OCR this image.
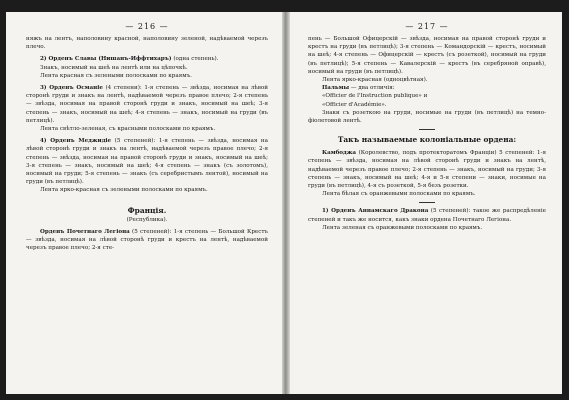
— 216 —

няжъ на лентъ, наполовину красной, наполовину зеленой, надѣваемой черезъ плечо.

2) Орденъ Славы (Нишанъ-Иффтихаръ) (одна степень).

Знакъ, носимый на шеѣ на лентѣ или на цѣпочкѣ.

Лента красная съ зелеными полосками по краямъ.

3) Орденъ Османіе (4 степени): 1-я степень — звѣзда, носимая на лѣвой сторонѣ груди и знакъ на лентѣ, надѣваемой черезъ правое плечо; 2-я степень — звѣзда, носимая на правой сторонѣ груди и знакъ, носимый на шеѣ; 3-я степень — знакъ, носимый на шеѣ; 4-я степень — знакъ, носимый на груди (въ петлицѣ).

Лента свѣтло-зеленая, съ красными полосками по краямъ.

4) Орденъ Меджидіе (5 степеней): 1-я степень — звѣзда, носимая на лѣвой сторонѣ груди и знакъ на лентѣ, надѣваемой черезъ правое плечо; 2-я степень — звѣзда, носимая на правой сторонѣ груди и знакъ, носимый на шеѣ; 3-я степень — знакъ, носимый на шеѣ; 4-я степень — знакъ (съ золотомъ), носимый на груди; 5-я степень — знакъ (съ серебристымъ лентой), носимый на груди (въ петлицѣ).

Лента ярко-красная съ зелеными полосками по краямъ.

Франція.

(Республика).

Орденъ Почетнаго Легіона (5 степеней): 1-я степень — Большой Крестъ — звѣзда, носимая на лѣвой сторонѣ груди и крестъ на лентѣ, надѣваемой черезъ правое плечо; 2-я сте-

— 217 —

пень — Большой Офицерскій — звѣзда, носимая на правой сторонѣ груди и крестъ на груди (въ петлицѣ); 3-я степень — Командорскій — крестъ, носимый на шеѣ; 4-я степень — Офицерскій — крестъ (съ розеткой), носимый на груди (въ петлицѣ); 5-я степень — Кавалерскій — крестъ (въ серебряной оправѣ), носимый на груди (въ петлицѣ).

Лента ярко-красная (одноцвѣтная).

Пальмы — два отличія:

«Officier de l'Instruction publique» и

«Officier d'Académie».

Знаки съ розеткою на груди, носимые на груди (въ петлицѣ) на темно-фіолетовой лентѣ.

Такъ называемые колоніальные ордена:

Камбоджа (Королевство, подъ протекторатомъ Франціи) 5 степеней: 1-я степень — звѣзда, носимая на лѣвой сторонѣ груди и знакъ на лентѣ, надѣваемой черезъ правое плечо; 2-я степень — знакъ, носимый на груди; 3-я степень — знакъ, носимый на шеѣ; 4-я и 5-я степени — знаки, носимые на груди (въ петлицѣ), 4-я съ розеткой, 5-я безъ розетки.

Лента бѣлая съ оранжевыми полосками по краямъ.

1) Орденъ Аннамскаго Дракона (5 степеней): такое же распредѣленіе степеней и такъ же носится, какъ знаки ордена Почетнаго Легіона.

Лента зеленая съ оранжевыми полосками по краямъ.
